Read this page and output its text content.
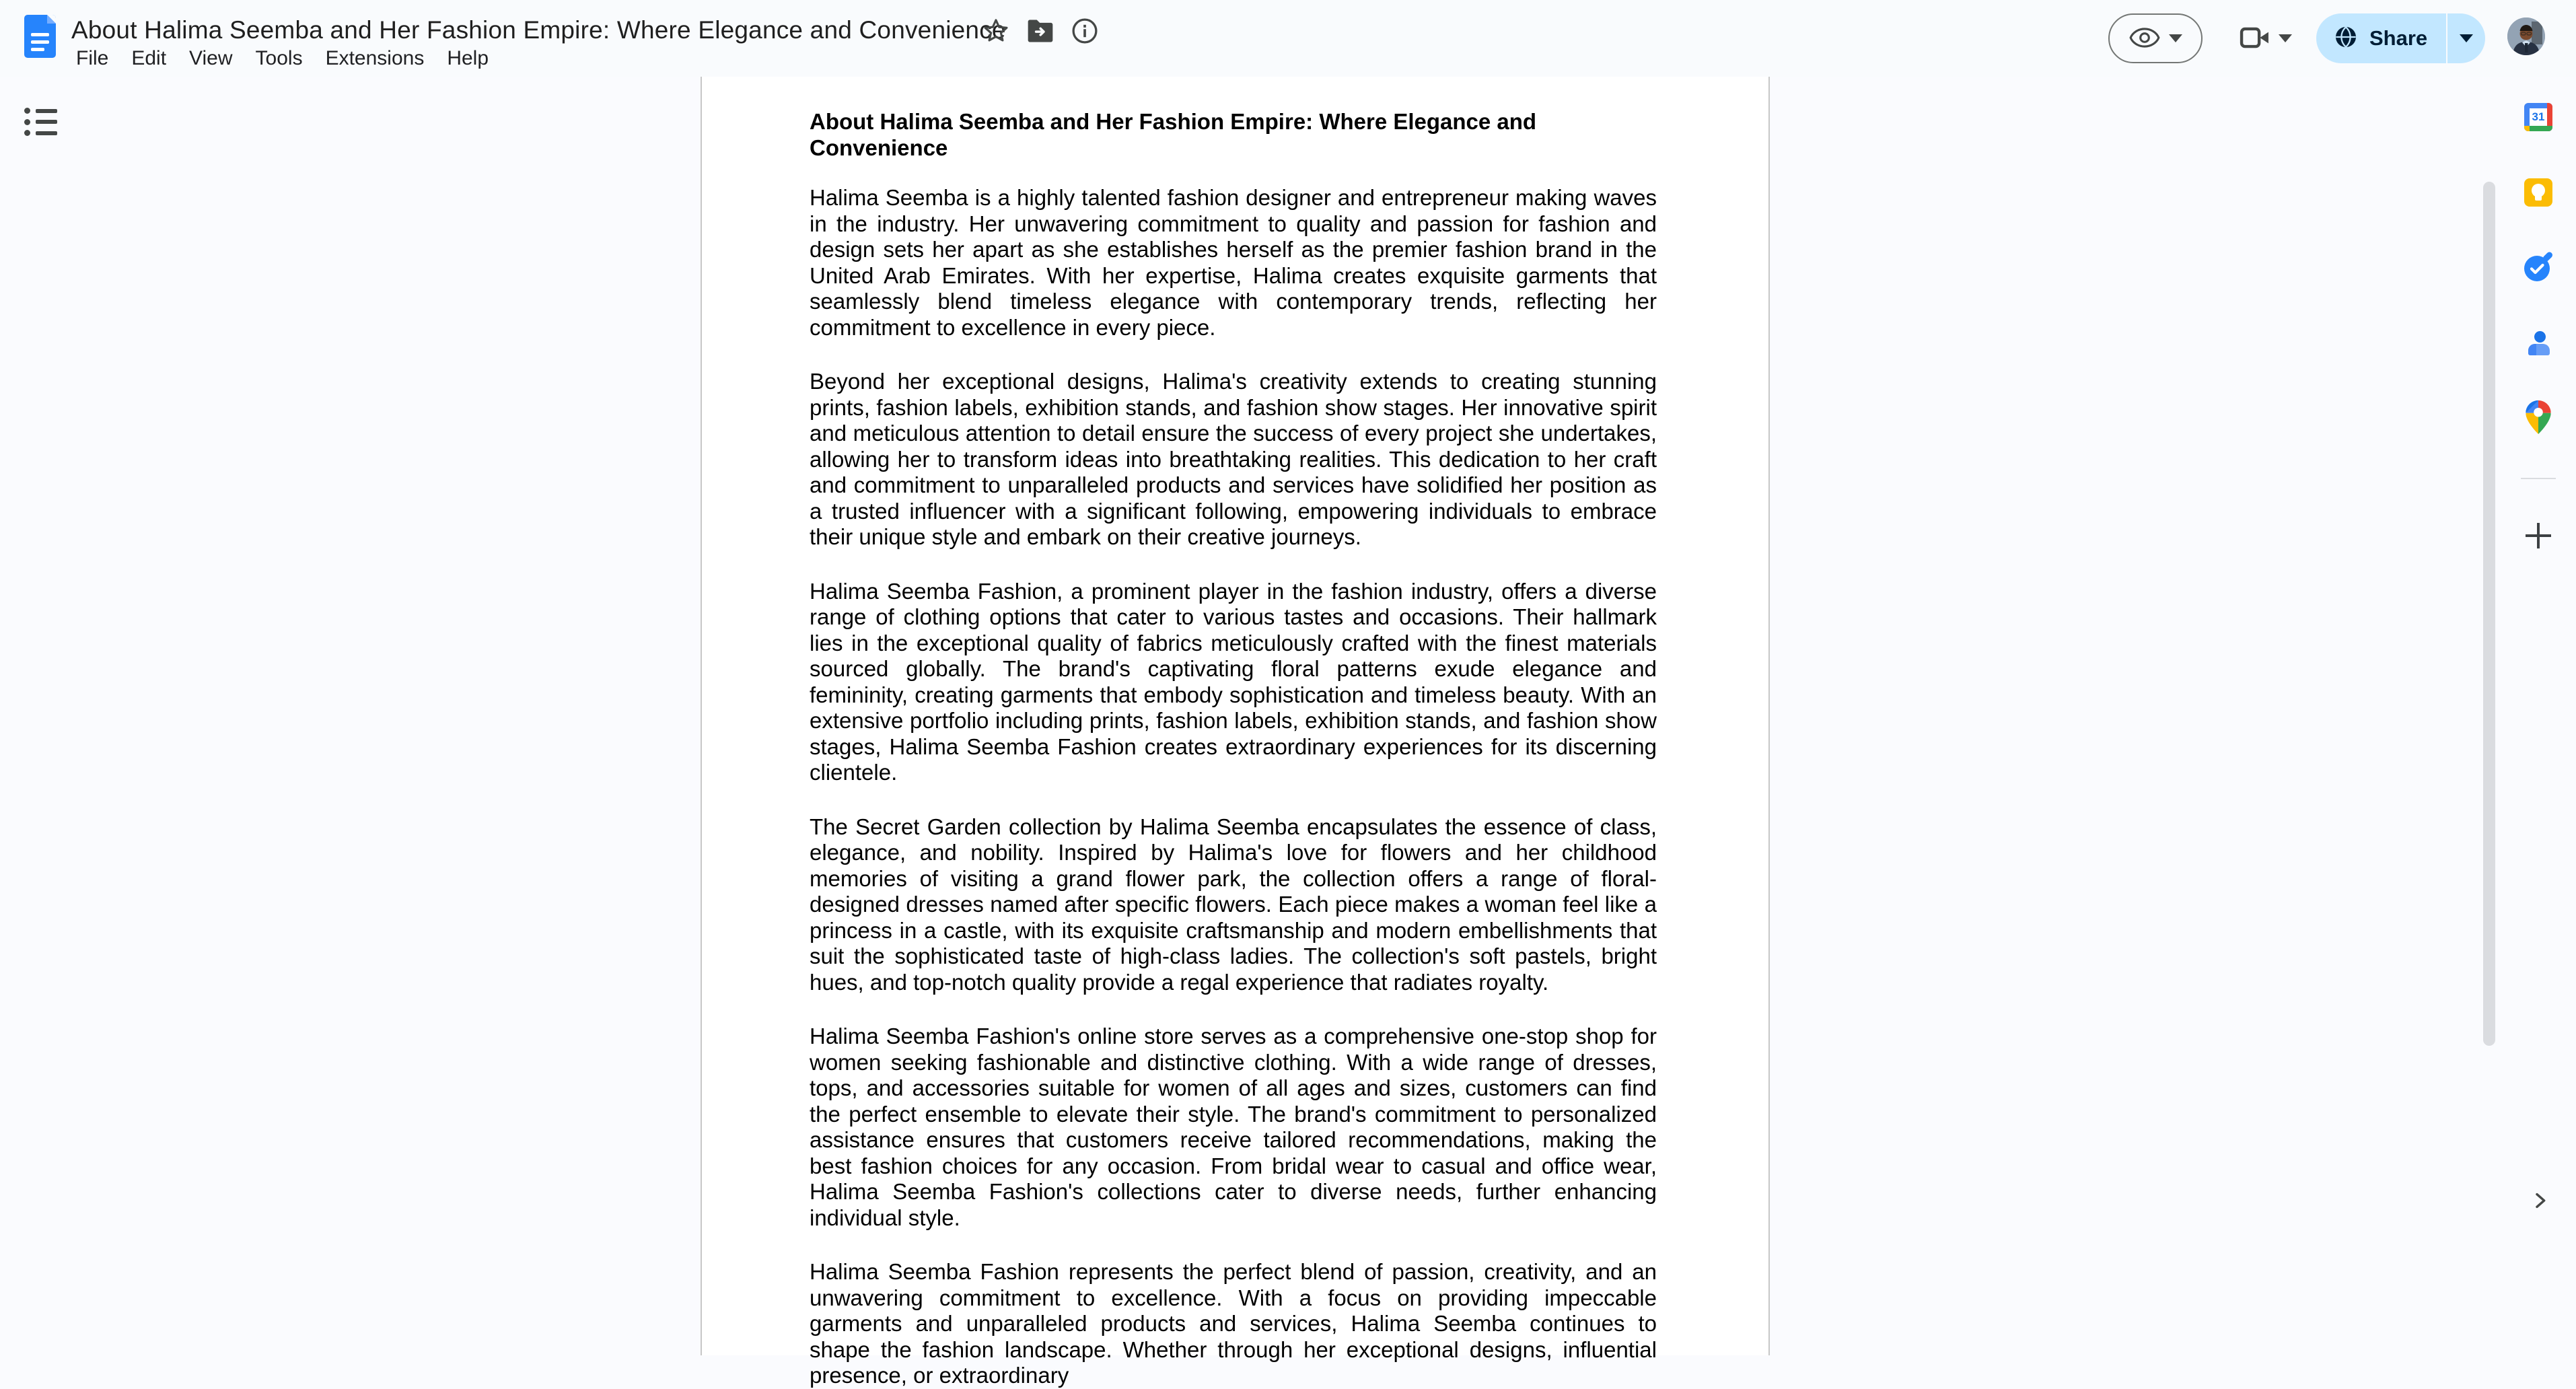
About Halima Seemba and Her Fashion Empire: Where Elegance and Convenience
File	Edit	View	Tools	Extensions	Help
Share
About Halima Seemba and Her Fashion Empire: Where Elegance and Convenience

Halima Seemba is a highly talented fashion designer and entrepreneur making waves in the industry. Her unwavering commitment to quality and passion for fashion and design sets her apart as she establishes herself as the premier fashion brand in the United Arab Emirates. With her expertise, Halima creates exquisite garments that seamlessly blend timeless elegance with contemporary trends, reflecting her commitment to excellence in every piece.

Beyond her exceptional designs, Halima's creativity extends to creating stunning prints, fashion labels, exhibition stands, and fashion show stages. Her innovative spirit and meticulous attention to detail ensure the success of every project she undertakes, allowing her to transform ideas into breathtaking realities. This dedication to her craft and commitment to unparalleled products and services have solidified her position as a trusted influencer with a significant following, empowering individuals to embrace their unique style and embark on their creative journeys.

Halima Seemba Fashion, a prominent player in the fashion industry, offers a diverse range of clothing options that cater to various tastes and occasions. Their hallmark lies in the exceptional quality of fabrics meticulously crafted with the finest materials sourced globally. The brand's captivating floral patterns exude elegance and femininity, creating garments that embody sophistication and timeless beauty. With an extensive portfolio including prints, fashion labels, exhibition stands, and fashion show stages, Halima Seemba Fashion creates extraordinary experiences for its discerning clientele.

The Secret Garden collection by Halima Seemba encapsulates the essence of class, elegance, and nobility. Inspired by Halima's love for flowers and her childhood memories of visiting a grand flower park, the collection offers a range of floral-designed dresses named after specific flowers. Each piece makes a woman feel like a princess in a castle, with its exquisite craftsmanship and modern embellishments that suit the sophisticated taste of high-class ladies. The collection's soft pastels, bright hues, and top-notch quality provide a regal experience that radiates royalty.

Halima Seemba Fashion's online store serves as a comprehensive one-stop shop for women seeking fashionable and distinctive clothing. With a wide range of dresses, tops, and accessories suitable for women of all ages and sizes, customers can find the perfect ensemble to elevate their style. The brand's commitment to personalized assistance ensures that customers receive tailored recommendations, making the best fashion choices for any occasion. From bridal wear to casual and office wear, Halima Seemba Fashion's collections cater to diverse needs, further enhancing individual style.

Halima Seemba Fashion represents the perfect blend of passion, creativity, and an unwavering commitment to excellence. With a focus on providing impeccable garments and unparalleled products and services, Halima Seemba continues to shape the fashion landscape. Whether through her exceptional designs, influential presence, or extraordinary

31
